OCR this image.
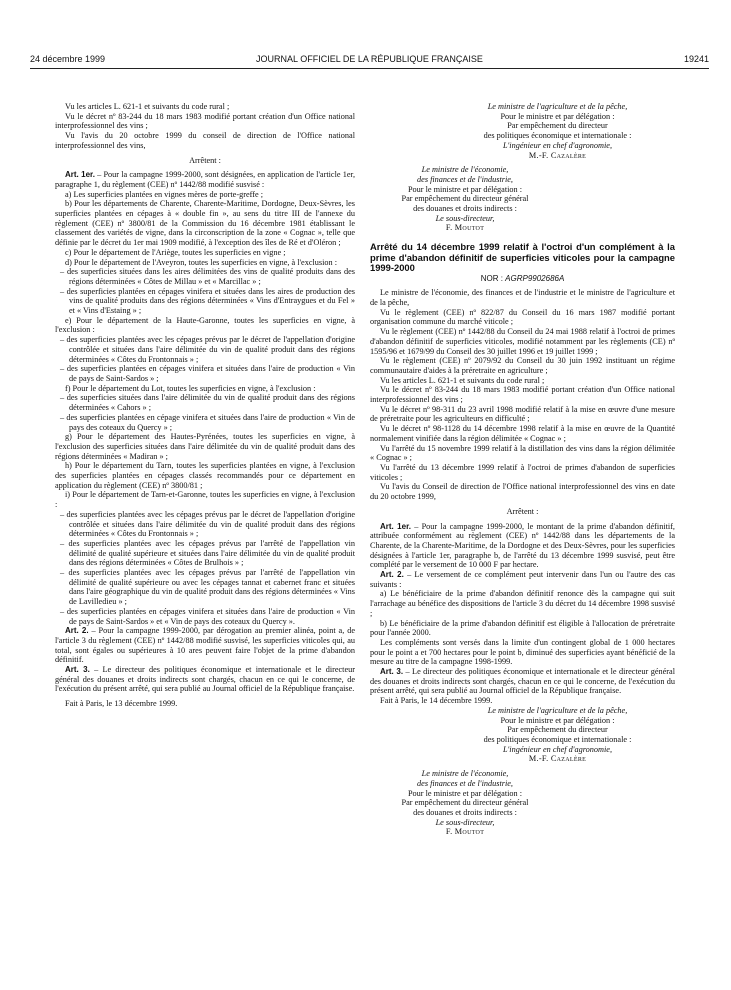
24 décembre 1999	JOURNAL OFFICIEL DE LA RÉPUBLIQUE FRANÇAISE	19241

Vu les articles L. 621-1 et suivants du code rural ;

Vu le décret nº 83-244 du 18 mars 1983 modifié portant création d'un Office national interprofessionnel des vins ;

Vu l'avis du 20 octobre 1999 du conseil de direction de l'Office national interprofessionnel des vins,

Arrêtent :

Art. 1er. – Pour la campagne 1999-2000, sont désignées, en application de l'article 1er, paragraphe 1, du règlement (CEE) nº 1442/88 modifié susvisé :

a) Les superficies plantées en vignes mères de porte-greffe ;

b) Pour les départements de Charente, Charente-Maritime, Dordogne, Deux-Sèvres, les superficies plantées en cépages à « double fin », au sens du titre III de l'annexe du règlement (CEE) nº 3800/81 de la Commission du 16 décembre 1981 établissant le classement des variétés de vigne, dans la circonscription de la zone « Cognac », telle que définie par le décret du 1er mai 1909 modifié, à l'exception des îles de Ré et d'Oléron ;

c) Pour le département de l'Ariège, toutes les superficies en vigne ;

d) Pour le département de l'Aveyron, toutes les superficies en vigne, à l'exclusion :

– des superficies situées dans les aires délimitées des vins de qualité produits dans des régions déterminées « Côtes de Millau » et « Marcillac » ;

– des superficies plantées en cépages vinifera et situées dans les aires de production des vins de qualité produits dans des régions déterminées « Vins d'Entraygues et du Fel » et « Vins d'Estaing » ;

e) Pour le département de la Haute-Garonne, toutes les superficies en vigne, à l'exclusion :

– des superficies plantées avec les cépages prévus par le décret de l'appellation d'origine contrôlée et situées dans l'aire délimitée du vin de qualité produit dans des régions déterminées « Côtes du Frontonnais » ;

– des superficies plantées en cépages vinifera et situées dans l'aire de production « Vin de pays de Saint-Sardos » ;

f) Pour le département du Lot, toutes les superficies en vigne, à l'exclusion :

– des superficies situées dans l'aire délimitée du vin de qualité produit dans des régions déterminées « Cahors » ;

– des superficies plantées en cépage vinifera et situées dans l'aire de production « Vin de pays des coteaux du Quercy » ;

g) Pour le département des Hautes-Pyrénées, toutes les superficies en vigne, à l'exclusion des superficies situées dans l'aire délimitée du vin de qualité produit dans des régions déterminées « Madiran » ;

h) Pour le département du Tarn, toutes les superficies plantées en vigne, à l'exclusion des superficies plantées en cépages classés recommandés pour ce département en application du règlement (CEE) nº 3800/81 ;

i) Pour le département de Tarn-et-Garonne, toutes les superficies en vigne, à l'exclusion :

– des superficies plantées avec les cépages prévus par le décret de l'appellation d'origine contrôlée et situées dans l'aire délimitée du vin de qualité produit dans des régions déterminées « Côtes du Frontonnais » ;

– des superficies plantées avec les cépages prévus par l'arrêté de l'appellation vin délimité de qualité supérieure et situées dans l'aire délimitée du vin de qualité produit dans des régions déterminées « Côtes de Brulhois » ;

– des superficies plantées avec les cépages prévus par l'arrêté de l'appellation vin délimité de qualité supérieure ou avec les cépages tannat et cabernet franc et situées dans l'aire géographique du vin de qualité produit dans des régions déterminées « Vins de Lavilledieu » ;

– des superficies plantées en cépages vinifera et situées dans l'aire de production « Vin de pays de Saint-Sardos » et « Vin de pays des coteaux du Quercy ».

Art. 2. – Pour la campagne 1999-2000, par dérogation au premier alinéa, point a, de l'article 3 du règlement (CEE) nº 1442/88 modifié susvisé, les superficies viticoles qui, au total, sont égales ou supérieures à 10 ares peuvent faire l'objet de la prime d'abandon définitif.

Art. 3. – Le directeur des politiques économique et internationale et le directeur général des douanes et droits indirects sont chargés, chacun en ce qui le concerne, de l'exécution du présent arrêté, qui sera publié au Journal officiel de la République française.

Fait à Paris, le 13 décembre 1999.

Le ministre de l'agriculture et de la pêche,

Pour le ministre et par délégation :

Par empêchement du directeur

des politiques économique et internationale :

L'ingénieur en chef d'agronomie,

M.-F. Cazalère

Le ministre de l'économie,

des finances et de l'industrie,

Pour le ministre et par délégation :

Par empêchement du directeur général

des douanes et droits indirects :

Le sous-directeur,

F. Moutot

Arrêté du 14 décembre 1999 relatif à l'octroi d'un complément à la prime d'abandon définitif de superficies viticoles pour la campagne 1999-2000

NOR : AGRP9902686A

Le ministre de l'économie, des finances et de l'industrie et le ministre de l'agriculture et de la pêche,

Vu le règlement (CEE) nº 822/87 du Conseil du 16 mars 1987 modifié portant organisation commune du marché viticole ;

Vu le règlement (CEE) nº 1442/88 du Conseil du 24 mai 1988 relatif à l'octroi de primes d'abandon définitif de superficies viticoles, modifié notamment par les règlements (CE) nº 1595/96 et 1679/99 du Conseil des 30 juillet 1996 et 19 juillet 1999 ;

Vu le règlement (CEE) nº 2079/92 du Conseil du 30 juin 1992 instituant un régime communautaire d'aides à la préretraite en agriculture ;

Vu les articles L. 621-1 et suivants du code rural ;

Vu le décret nº 83-244 du 18 mars 1983 modifié portant création d'un Office national interprofessionnel des vins ;

Vu le décret nº 98-311 du 23 avril 1998 modifié relatif à la mise en œuvre d'une mesure de préretraite pour les agriculteurs en difficulté ;

Vu le décret nº 98-1128 du 14 décembre 1998 relatif à la mise en œuvre de la Quantité normalement vinifiée dans la région délimitée « Cognac » ;

Vu l'arrêté du 15 novembre 1999 relatif à la distillation des vins dans la région délimitée « Cognac » ;

Vu l'arrêté du 13 décembre 1999 relatif à l'octroi de primes d'abandon de superficies viticoles ;

Vu l'avis du Conseil de direction de l'Office national interprofessionnel des vins en date du 20 octobre 1999,

Arrêtent :

Art. 1er. – Pour la campagne 1999-2000, le montant de la prime d'abandon définitif, attribuée conformément au règlement (CEE) nº 1442/88 dans les départements de la Charente, de la Charente-Maritime, de la Dordogne et des Deux-Sèvres, pour les superficies désignées à l'article 1er, paragraphe b, de l'arrêté du 13 décembre 1999 susvisé, peut être complété par le versement de 10 000 F par hectare.

Art. 2. – Le versement de ce complément peut intervenir dans l'un ou l'autre des cas suivants :

a) Le bénéficiaire de la prime d'abandon définitif renonce dès la campagne qui suit l'arrachage au bénéfice des dispositions de l'article 3 du décret du 14 décembre 1998 susvisé ;

b) Le bénéficiaire de la prime d'abandon définitif est éligible à l'allocation de préretraite pour l'année 2000.

Les compléments sont versés dans la limite d'un contingent global de 1 000 hectares pour le point a et 700 hectares pour le point b, diminué des superficies ayant bénéficié de la mesure au titre de la campagne 1998-1999.

Art. 3. – Le directeur des politiques économique et internationale et le directeur général des douanes et droits indirects sont chargés, chacun en ce qui le concerne, de l'exécution du présent arrêté, qui sera publié au Journal officiel de la République française.

Fait à Paris, le 14 décembre 1999.

Le ministre de l'agriculture et de la pêche,

Pour le ministre et par délégation :

Par empêchement du directeur

des politiques économique et internationale :

L'ingénieur en chef d'agronomie,

M.-F. Cazalère

Le ministre de l'économie,

des finances et de l'industrie,

Pour le ministre et par délégation :

Par empêchement du directeur général

des douanes et droits indirects :

Le sous-directeur,

F. Moutot
